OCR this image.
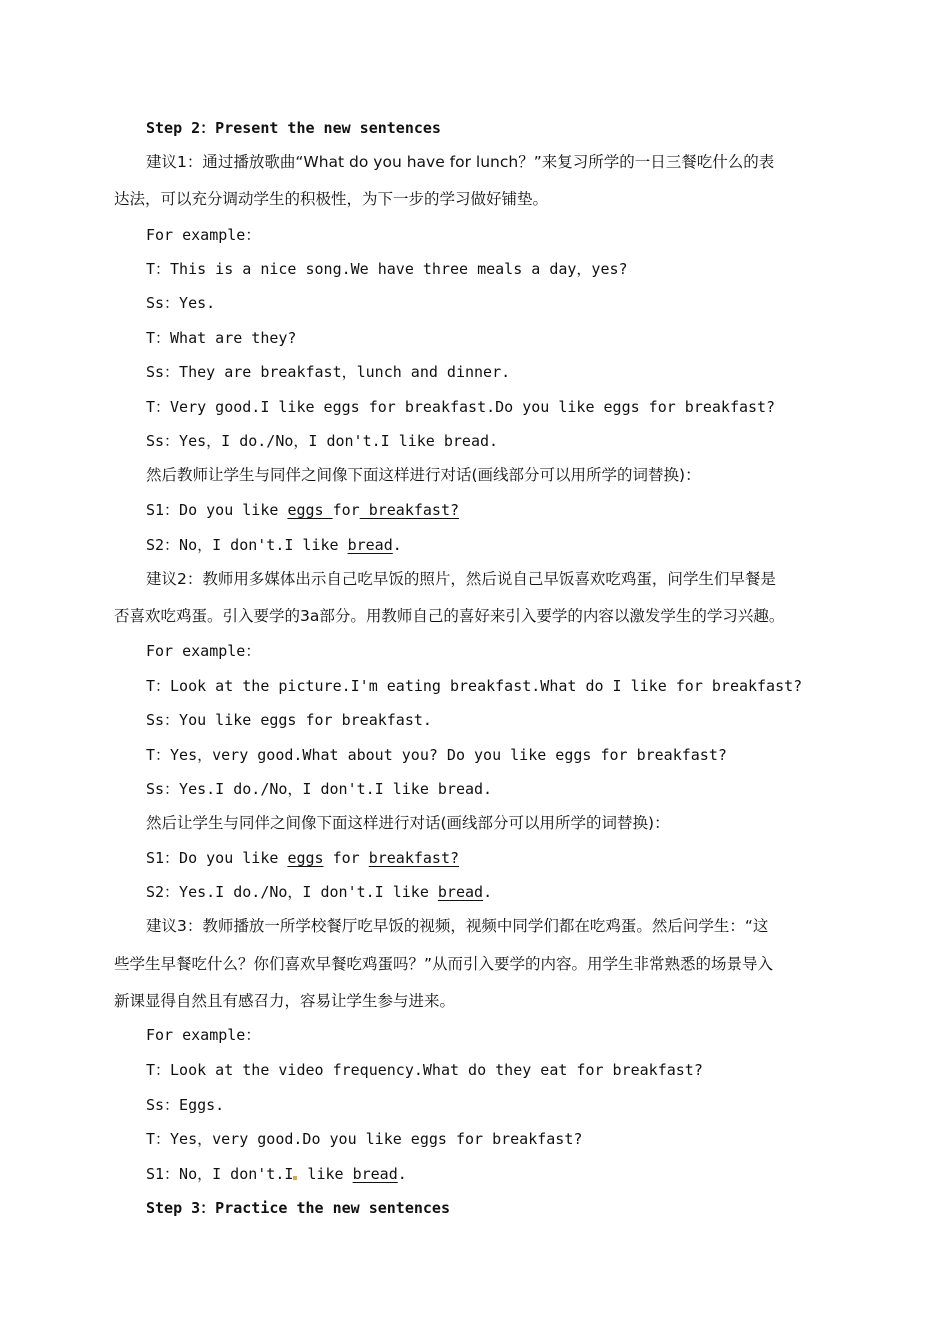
Step 2：Present the new sentences
建议1：通过播放歌曲“What do you have for lunch？”来复习所学的一日三餐吃什么的表
达法，可以充分调动学生的积极性，为下一步的学习做好铺垫。
For example：
T：This is a nice song.We have three meals a day，yes?
Ss：Yes.
T：What are they?
Ss：They are breakfast，lunch and dinner.
T：Very good.I like eggs for breakfast.Do you like eggs for breakfast?
Ss：Yes，I do./No，I don't.I like bread.
然后教师让学生与同伴之间像下面这样进行对话(画线部分可以用所学的词替换)：
S1：Do you like eggs for breakfast?
S2：No，I don't.I like bread.
建议2：教师用多媒体出示自己吃早饭的照片，然后说自己早饭喜欢吃鸡蛋，问学生们早餐是
否喜欢吃鸡蛋。引入要学的3a部分。用教师自己的喜好来引入要学的内容以激发学生的学习兴趣。
For example：
T：Look at the picture.I'm eating breakfast.What do I like for breakfast?
Ss：You like eggs for breakfast.
T：Yes，very good.What about you? Do you like eggs for breakfast?
Ss：Yes.I do./No，I don't.I like bread.
然后让学生与同伴之间像下面这样进行对话(画线部分可以用所学的词替换)：
S1：Do you like eggs for breakfast?
S2：Yes.I do./No，I don't.I like bread.
建议3：教师播放一所学校餐厅吃早饭的视频，视频中同学们都在吃鸡蛋。然后问学生：“这
些学生早餐吃什么？你们喜欢早餐吃鸡蛋吗？”从而引入要学的内容。用学生非常熟悉的场景导入
新课显得自然且有感召力，容易让学生参与进来。
For example：
T：Look at the video frequency.What do they eat for breakfast?
Ss：Eggs.
T：Yes，very good.Do you like eggs for breakfast?
S1：No，I don't.I like bread.
Step 3：Practice the new sentences
